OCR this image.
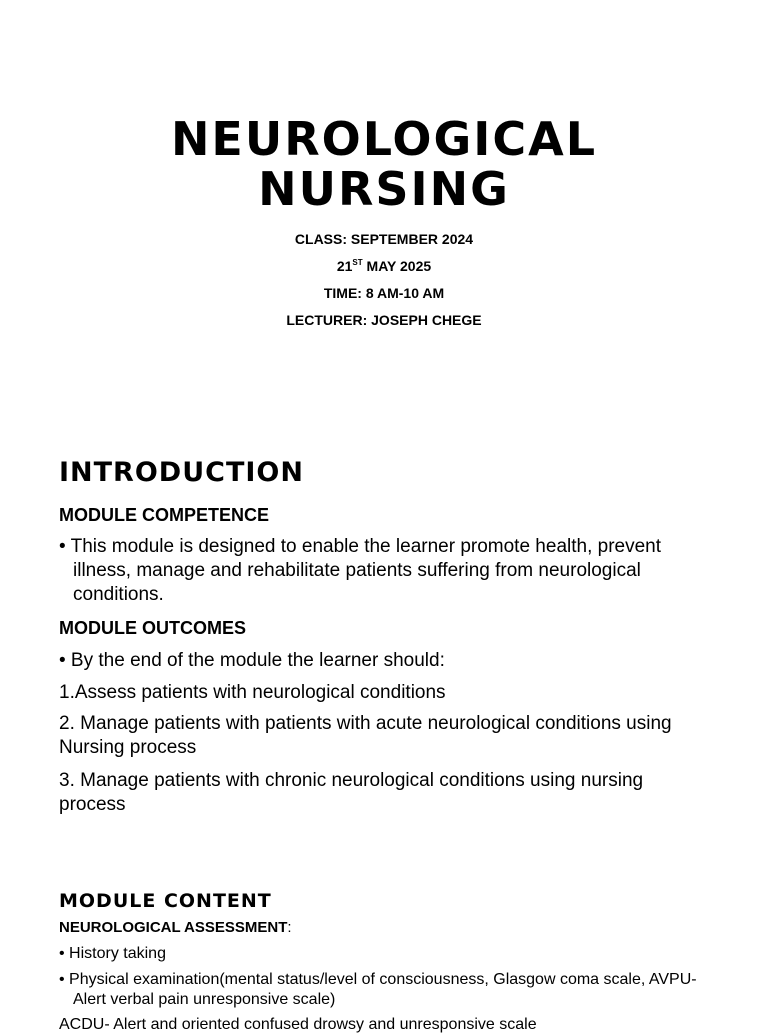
NEUROLOGICAL
NURSING
CLASS: SEPTEMBER 2024
21ST MAY 2025
TIME: 8 AM-10 AM
LECTURER: JOSEPH CHEGE
INTRODUCTION
MODULE COMPETENCE
• This module is designed to enable the learner promote health, prevent illness, manage and rehabilitate patients suffering from neurological conditions.
MODULE OUTCOMES
• By the end of the module the learner should:
1.Assess patients with neurological conditions
2. Manage patients with patients with acute neurological conditions using Nursing process
3. Manage patients with chronic neurological conditions using nursing process
MODULE CONTENT
NEUROLOGICAL ASSESSMENT:
• History taking
• Physical examination(mental status/level of consciousness, Glasgow coma scale, AVPU-Alert verbal pain unresponsive scale)
ACDU- Alert and oriented confused drowsy and unresponsive scale
